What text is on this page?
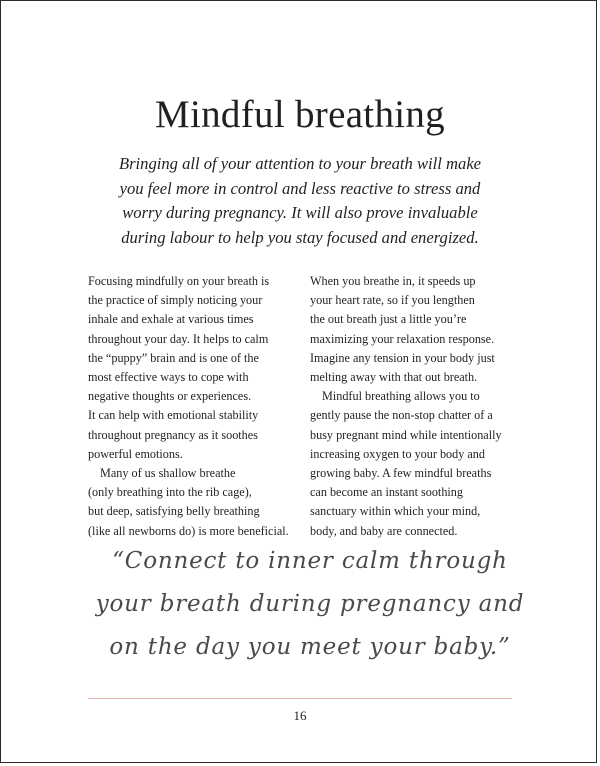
Mindful breathing

Bringing all of your attention to your breath will make
you feel more in control and less reactive to stress and
worry during pregnancy. It will also prove invaluable
during labour to help you stay focused and energized.

Focusing mindfully on your breath is
the practice of simply noticing your
inhale and exhale at various times
throughout your day. It helps to calm
the “puppy” brain and is one of the
most effective ways to cope with
negative thoughts or experiences.
It can help with emotional stability
throughout pregnancy as it soothes
powerful emotions.
Many of us shallow breathe
(only breathing into the rib cage),
but deep, satisfying belly breathing
(like all newborns do) is more beneficial.
When you breathe in, it speeds up
your heart rate, so if you lengthen
the out breath just a little you’re
maximizing your relaxation response.
Imagine any tension in your body just
melting away with that out breath.
Mindful breathing allows you to
gently pause the non-stop chatter of a
busy pregnant mind while intentionally
increasing oxygen to your body and
growing baby. A few mindful breaths
can become an instant soothing
sanctuary within which your mind,
body, and baby are connected.
“Connect to inner calm through
your breath during pregnancy and
on the day you meet your baby.”
16
